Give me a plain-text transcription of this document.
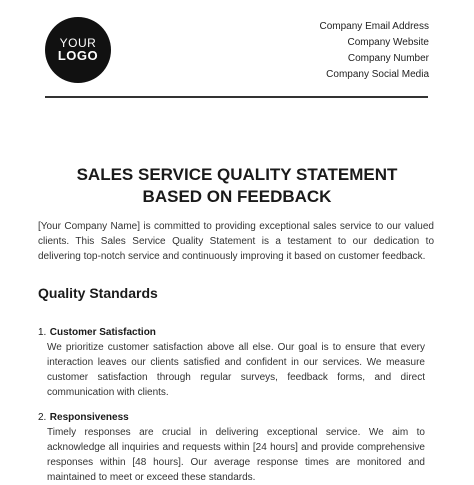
YOUR
LOGO
Company Email Address
Company Website
Company Number
Company Social Media
SALES SERVICE QUALITY STATEMENT
BASED ON FEEDBACK
[Your Company Name] is committed to providing exceptional sales service to our valued clients. This Sales Service Quality Statement is a testament to our dedication to delivering top-notch service and continuously improving it based on customer feedback.
Quality Standards
1. Customer Satisfaction
We prioritize customer satisfaction above all else. Our goal is to ensure that every interaction leaves our clients satisfied and confident in our services. We measure customer satisfaction through regular surveys, feedback forms, and direct communication with clients.
2. Responsiveness
Timely responses are crucial in delivering exceptional service. We aim to acknowledge all inquiries and requests within [24 hours] and provide comprehensive responses within [48 hours]. Our average response times are monitored and maintained to meet or exceed these standards.
